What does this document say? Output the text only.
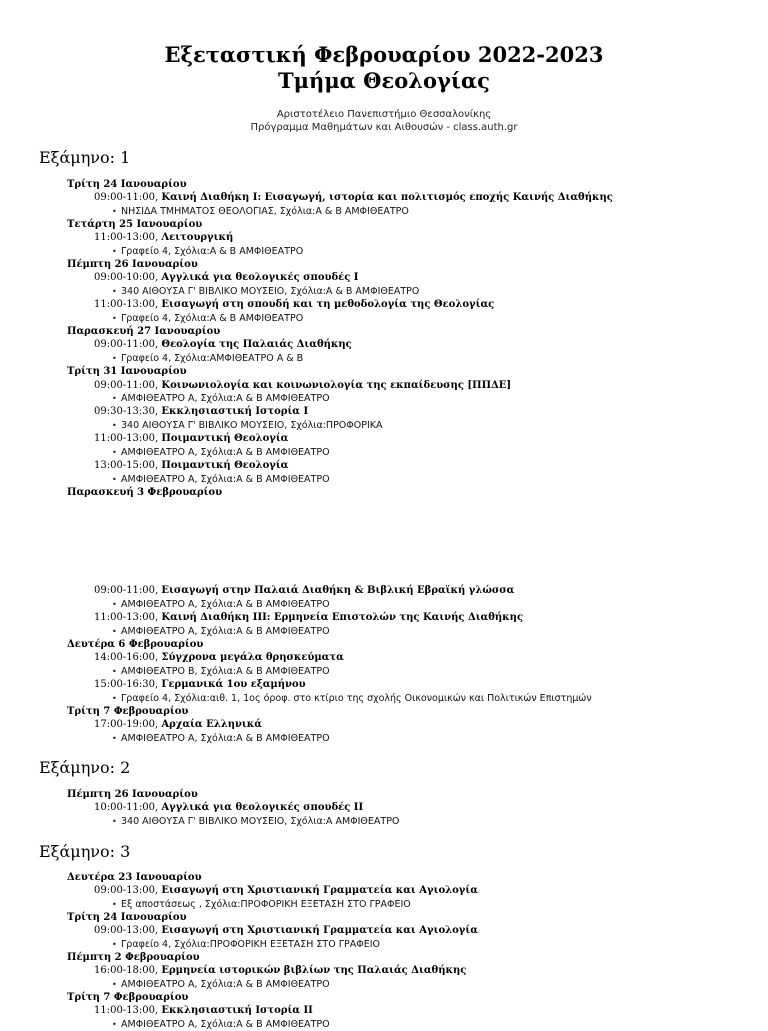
Εξεταστική Φεβρουαρίου 2022-2023
Τμήμα Θεολογίας
Αριστοτέλειο Πανεπιστήμιο Θεσσαλονίκης
Πρόγραμμα Μαθημάτων και Αιθουσών - class.auth.gr
Εξάμηνο: 1
Τρίτη 24 Ιανουαρίου
09:00-11:00, Καινή Διαθήκη Ι: Εισαγωγή, ιστορία και πολιτισμός εποχής Καινής Διαθήκης
• ΝΗΣΙΔΑ ΤΜΗΜΑΤΟΣ ΘΕΟΛΟΓΙΑΣ, Σχόλια:Α & Β ΑΜΦΙΘΕΑΤΡΟ
Τετάρτη 25 Ιανουαρίου
11:00-13:00, Λειτουργική
• Γραφείο 4, Σχόλια:Α & Β ΑΜΦΙΘΕΑΤΡΟ
Πέμπτη 26 Ιανουαρίου
09:00-10:00, Αγγλικά για θεολογικές σπουδές Ι
• 340 ΑΙΘΟΥΣΑ Γ' ΒΙΒΛΙΚΟ ΜΟΥΣΕΙΟ, Σχόλια:Α & Β ΑΜΦΙΘΕΑΤΡΟ
11:00-13:00, Εισαγωγή στη σπουδή και τη μεθοδολογία της Θεολογίας
• Γραφείο 4, Σχόλια:Α & Β ΑΜΦΙΘΕΑΤΡΟ
Παρασκευή 27 Ιανουαρίου
09:00-11:00, Θεολογία της Παλαιάς Διαθήκης
• Γραφείο 4, Σχόλια:ΑΜΦΙΘΕΑΤΡΟ Α & Β
Τρίτη 31 Ιανουαρίου
09:00-11:00, Κοινωνιολογία και κοινωνιολογία της εκπαίδευσης [ΠΠΔΕ]
• ΑΜΦΙΘΕΑΤΡΟ Α, Σχόλια:Α & Β ΑΜΦΙΘΕΑΤΡΟ
09:30-13:30, Εκκλησιαστική Ιστορία Ι
• 340 ΑΙΘΟΥΣΑ Γ' ΒΙΒΛΙΚΟ ΜΟΥΣΕΙΟ, Σχόλια:ΠΡΟΦΟΡΙΚΑ
11:00-13:00, Ποιμαντική Θεολογία
• ΑΜΦΙΘΕΑΤΡΟ Α, Σχόλια:Α & Β ΑΜΦΙΘΕΑΤΡΟ
13:00-15:00, Ποιμαντική Θεολογία
• ΑΜΦΙΘΕΑΤΡΟ Α, Σχόλια:Α & Β ΑΜΦΙΘΕΑΤΡΟ
Παρασκευή 3 Φεβρουαρίου
09:00-11:00, Εισαγωγή στην Παλαιά Διαθήκη & Βιβλική Εβραϊκή γλώσσα
• ΑΜΦΙΘΕΑΤΡΟ Α, Σχόλια:Α & Β ΑΜΦΙΘΕΑΤΡΟ
11:00-13:00, Καινή Διαθήκη ΙΙΙ: Ερμηνεία Επιστολών της Καινής Διαθήκης
• ΑΜΦΙΘΕΑΤΡΟ Α, Σχόλια:Α & Β ΑΜΦΙΘΕΑΤΡΟ
Δευτέρα 6 Φεβρουαρίου
14:00-16:00, Σύγχρονα μεγάλα θρησκεύματα
• ΑΜΦΙΘΕΑΤΡΟ Β, Σχόλια:Α & Β ΑΜΦΙΘΕΑΤΡΟ
15:00-16:30, Γερμανικά 1ου εξαμήνου
• Γραφείο 4, Σχόλια:αιθ. 1, 1ος όροφ. στο κτίριο της σχολής Οικονομικών και Πολιτικών Επιστημών
Τρίτη 7 Φεβρουαρίου
17:00-19:00, Αρχαία Ελληνικά
• ΑΜΦΙΘΕΑΤΡΟ Α, Σχόλια:Α & Β ΑΜΦΙΘΕΑΤΡΟ
Εξάμηνο: 2
Πέμπτη 26 Ιανουαρίου
10:00-11:00, Αγγλικά για θεολογικές σπουδές ΙΙ
• 340 ΑΙΘΟΥΣΑ Γ' ΒΙΒΛΙΚΟ ΜΟΥΣΕΙΟ, Σχόλια:Α ΑΜΦΙΘΕΑΤΡΟ
Εξάμηνο: 3
Δευτέρα 23 Ιανουαρίου
09:00-13:00, Εισαγωγή στη Χριστιανική Γραμματεία και Αγιολογία
• Εξ αποστάσεως , Σχόλια:ΠΡΟΦΟΡΙΚΗ ΕΞΕΤΑΣΗ ΣΤΟ ΓΡΑΦΕΙΟ
Τρίτη 24 Ιανουαρίου
09:00-13:00, Εισαγωγή στη Χριστιανική Γραμματεία και Αγιολογία
• Γραφείο 4, Σχόλια:ΠΡΟΦΟΡΙΚΗ ΕΞΕΤΑΣΗ ΣΤΟ ΓΡΑΦΕΙΟ
Πέμπτη 2 Φεβρουαρίου
16:00-18:00, Ερμηνεία ιστορικών βιβλίων της Παλαιάς Διαθήκης
• ΑΜΦΙΘΕΑΤΡΟ Α, Σχόλια:Α & Β ΑΜΦΙΘΕΑΤΡΟ
Τρίτη 7 Φεβρουαρίου
11:00-13:00, Εκκλησιαστική Ιστορία ΙΙ
• ΑΜΦΙΘΕΑΤΡΟ Α, Σχόλια:Α & Β ΑΜΦΙΘΕΑΤΡΟ
